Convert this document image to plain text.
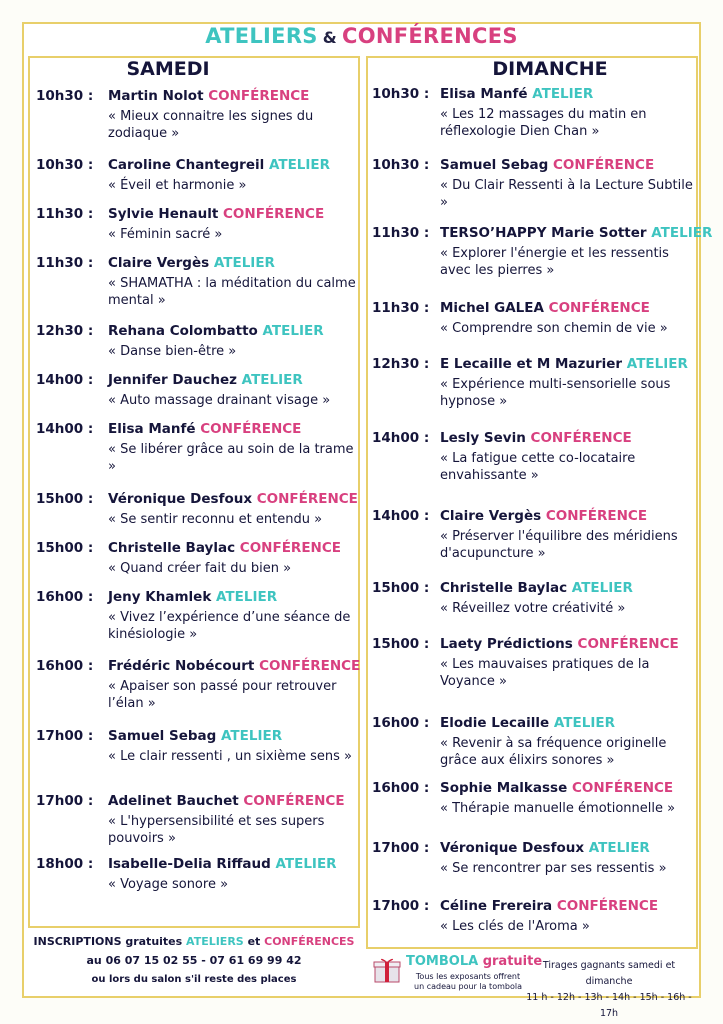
ATELIERS & CONFÉRENCES
SAMEDI
10h30 :	Martin Nolot CONFÉRENCE
« Mieux connaitre les signes du zodiaque »
10h30 :	Caroline Chantegreil ATELIER
« Éveil et harmonie »
11h30 :	Sylvie Henault CONFÉRENCE
« Féminin sacré »
11h30 :	Claire Vergès ATELIER
« SHAMATHA : la méditation du calme mental »
12h30 :	Rehana Colombatto ATELIER
« Danse bien-être »
14h00 :	Jennifer Dauchez ATELIER
« Auto massage drainant visage »
14h00 :	Elisa Manfé CONFÉRENCE
« Se libérer grâce au soin de la trame »
15h00 :	Véronique Desfoux CONFÉRENCE
« Se sentir reconnu et entendu »
15h00 :	Christelle Baylac CONFÉRENCE
« Quand créer fait du bien »
16h00 :	Jeny Khamlek ATELIER
« Vivez l’expérience d’une séance de kinésiologie »
16h00 :	Frédéric Nobécourt CONFÉRENCE
« Apaiser son passé pour retrouver l’élan »
17h00 :	Samuel Sebag ATELIER
« Le clair ressenti , un sixième sens »
17h00 :	Adelinet Bauchet CONFÉRENCE
« L'hypersensibilité et ses supers pouvoirs »
18h00 :	Isabelle-Delia Riffaud ATELIER
« Voyage sonore »
DIMANCHE
10h30 : Elisa Manfé ATELIER
« Les 12 massages du matin en réflexologie Dien Chan »
10h30 : Samuel Sebag CONFÉRENCE
« Du Clair Ressenti à la Lecture Subtile »
11h30 : TERSO’HAPPY Marie Sotter ATELIER
« Explorer l'énergie et les ressentis avec les pierres »
11h30 : Michel GALEA CONFÉRENCE
« Comprendre son chemin de vie »
12h30 : E Lecaille et M Mazurier ATELIER
« Expérience multi-sensorielle sous hypnose »
14h00 : Lesly Sevin CONFÉRENCE
« La fatigue cette co-locataire envahissante »
14h00 : Claire Vergès CONFÉRENCE
« Préserver l'équilibre des méridiens d'acupuncture »
15h00 : Christelle Baylac ATELIER
« Réveillez votre créativité »
15h00 : Laety Prédictions CONFÉRENCE
« Les mauvaises pratiques de la Voyance »
16h00 : Elodie Lecaille ATELIER
« Revenir à sa fréquence originelle grâce aux élixirs sonores »
16h00 : Sophie Malkasse CONFÉRENCE
« Thérapie manuelle émotionnelle »
17h00 : Véronique Desfoux ATELIER
« Se rencontrer par ses ressentis »
17h00 : Céline Frereira CONFÉRENCE
« Les clés de l'Aroma »
INSCRIPTIONS gratuites ATELIERS et CONFÉRENCES
au 06 07 15 02 55 - 07 61 69 99 42
ou lors du salon s'il reste des places
TOMBOLA gratuite
Tous les exposants offrent
un cadeau pour la tombola
Tirages gagnants samedi et dimanche
11 h - 12h - 13h - 14h - 15h - 16h - 17h
